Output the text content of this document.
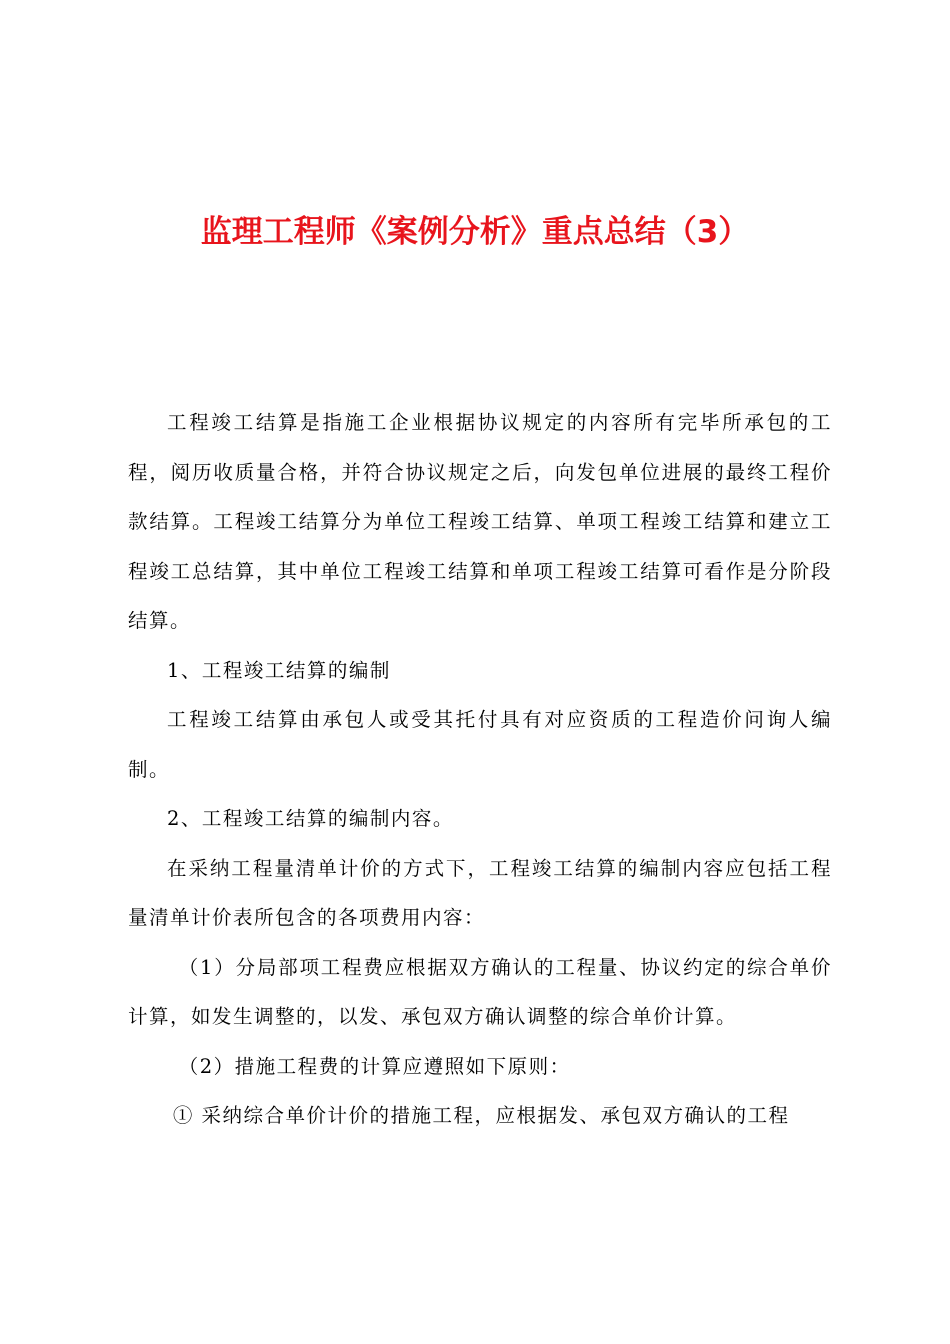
监理工程师《案例分析》重点总结（3）

工程竣工结算是指施工企业根据协议规定的内容所有完毕所承包的工程，阅历收质量合格，并符合协议规定之后，向发包单位进展的最终工程价款结算。工程竣工结算分为单位工程竣工结算、单项工程竣工结算和建立工程竣工总结算，其中单位工程竣工结算和单项工程竣工结算可看作是分阶段结算。

1、工程竣工结算的编制

工程竣工结算由承包人或受其托付具有对应资质的工程造价问询人编制。

2、工程竣工结算的编制内容。

在采纳工程量清单计价的方式下，工程竣工结算的编制内容应包括工程量清单计价表所包含的各项费用内容：

（1）分局部项工程费应根据双方确认的工程量、协议约定的综合单价计算，如发生调整的，以发、承包双方确认调整的综合单价计算。

（2）措施工程费的计算应遵照如下原则：

① 采纳综合单价计价的措施工程，应根据发、承包双方确认的工程
